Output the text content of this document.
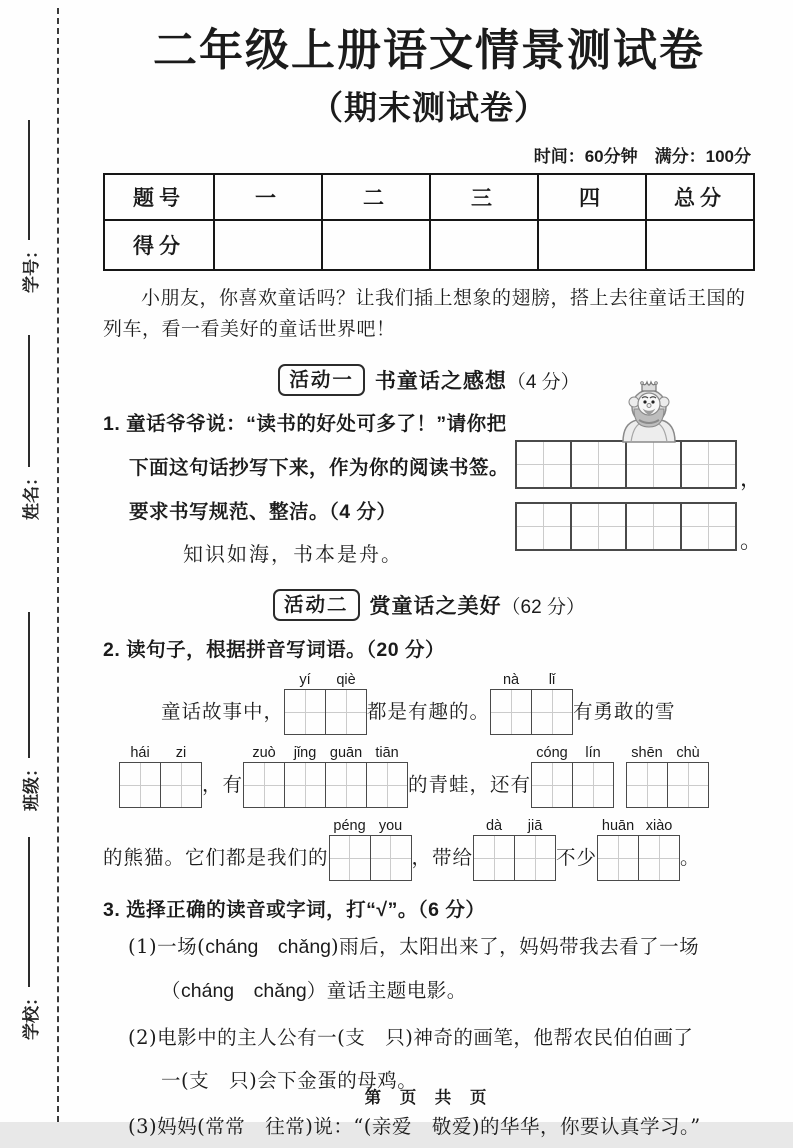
学校：
班级：
姓名：
学号：
二年级上册语文情景测试卷
（期末测试卷）
时间：60分钟　满分：100分
题号	一	二	三	四	总分
得分					

小朋友，你喜欢童话吗？让我们插上想象的翅膀，搭上去往童话王国的列车，看一看美好的童话世界吧！

活动一 书童话之感想（4 分）
1. 童话爷爷说：“读书的好处可多了！”请你把
下面这句话抄写下来，作为你的阅读书签。
要求书写规范、整洁。（4 分）
知识如海，书本是舟。
，
。
活动二 赏童话之美好（62 分）
2. 读句子，根据拼音写词语。（20 分）
童话故事中，
yí	qiè
都是有趣的。
nà	lǐ
有勇敢的雪
hái	zi
，有
zuò	jǐng guān tiān
的青蛙，还有
cóng	lín	shēn chù
的熊猫。它们都是我们的
péng you
，带给
dà	jiā
不少
huān xiào
。
3. 选择正确的读音或字词，打“√”。（6 分）
(1)一场 ·(cháng　chǎng)雨后，太阳出来了，妈妈带我去看了一场 ·
（cháng　chǎng）童话主题电影。
(2)电影中的主人公有一(支　只)神奇的画笔，他帮农民伯伯画了
一(支　只)会下金蛋的母鸡。
(3)妈妈(常常　往常)说：“(亲爱　敬爱)的华华，你要认真学习。”
第 页 共 页
